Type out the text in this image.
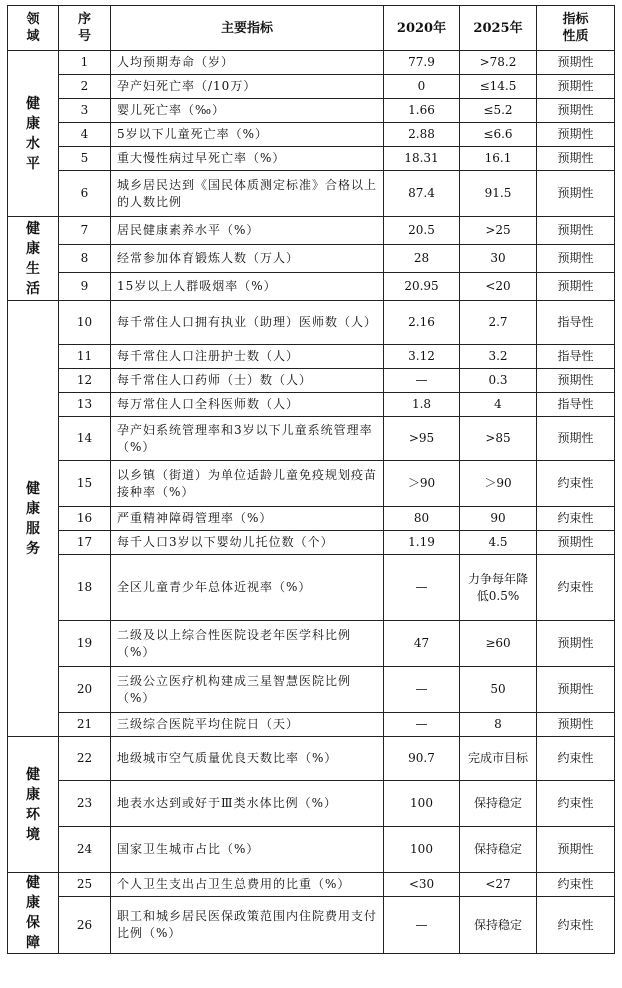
领
域	序
号	主要指标	2020年	2025年	指标
性质

健
康
水
平	1	人均预期寿命（岁）	77.9	>78.2	预期性
	2	孕产妇死亡率（/10万）	0	≤14.5	预期性
	3	婴儿死亡率（‰）	1.66	≤5.2	预期性
	4	5岁以下儿童死亡率（%）	2.88	≤6.6	预期性
	5	重大慢性病过早死亡率（%）	18.31	16.1	预期性
	6	城乡居民达到《国民体质测定标准》合格以上的人数比例	87.4	91.5	预期性

健
康
生
活	7	居民健康素养水平（%）	20.5	>25	预期性
	8	经常参加体育锻炼人数（万人）	28	30	预期性
	9	15岁以上人群吸烟率（%）	20.95	<20	预期性

健
康
服
务	10	每千常住人口拥有执业（助理）医师数（人）	2.16	2.7	指导性
	11	每千常住人口注册护士数（人）	3.12	3.2	指导性
	12	每千常住人口药师（士）数（人）	—	0.3	预期性
	13	每万常住人口全科医师数（人）	1.8	4	指导性
	14	孕产妇系统管理率和3岁以下儿童系统管理率（%）	>95	>85	预期性
	15	以乡镇（街道）为单位适龄儿童免疫规划疫苗接种率（%）	＞90	＞90	约束性
	16	严重精神障碍管理率（%）	80	90	约束性
	17	每千人口3岁以下婴幼儿托位数（个）	1.19	4.5	预期性
	18	全区儿童青少年总体近视率（%）	—	力争每年降低0.5%	约束性
	19	二级及以上综合性医院设老年医学科比例（%）	47	≥60	预期性
	20	三级公立医疗机构建成三星智慧医院比例（%）	—	50	预期性
	21	三级综合医院平均住院日（天）	—	8	预期性

健
康
环
境	22	地级城市空气质量优良天数比率（%）	90.7	完成市目标	约束性
	23	地表水达到或好于Ⅲ类水体比例（%）	100	保持稳定	约束性
	24	国家卫生城市占比（%）	100	保持稳定	预期性

健
康
保
障	25	个人卫生支出占卫生总费用的比重（%）	<30	<27	约束性
	26	职工和城乡居民医保政策范围内住院费用支付比例（%）	—	保持稳定	约束性
